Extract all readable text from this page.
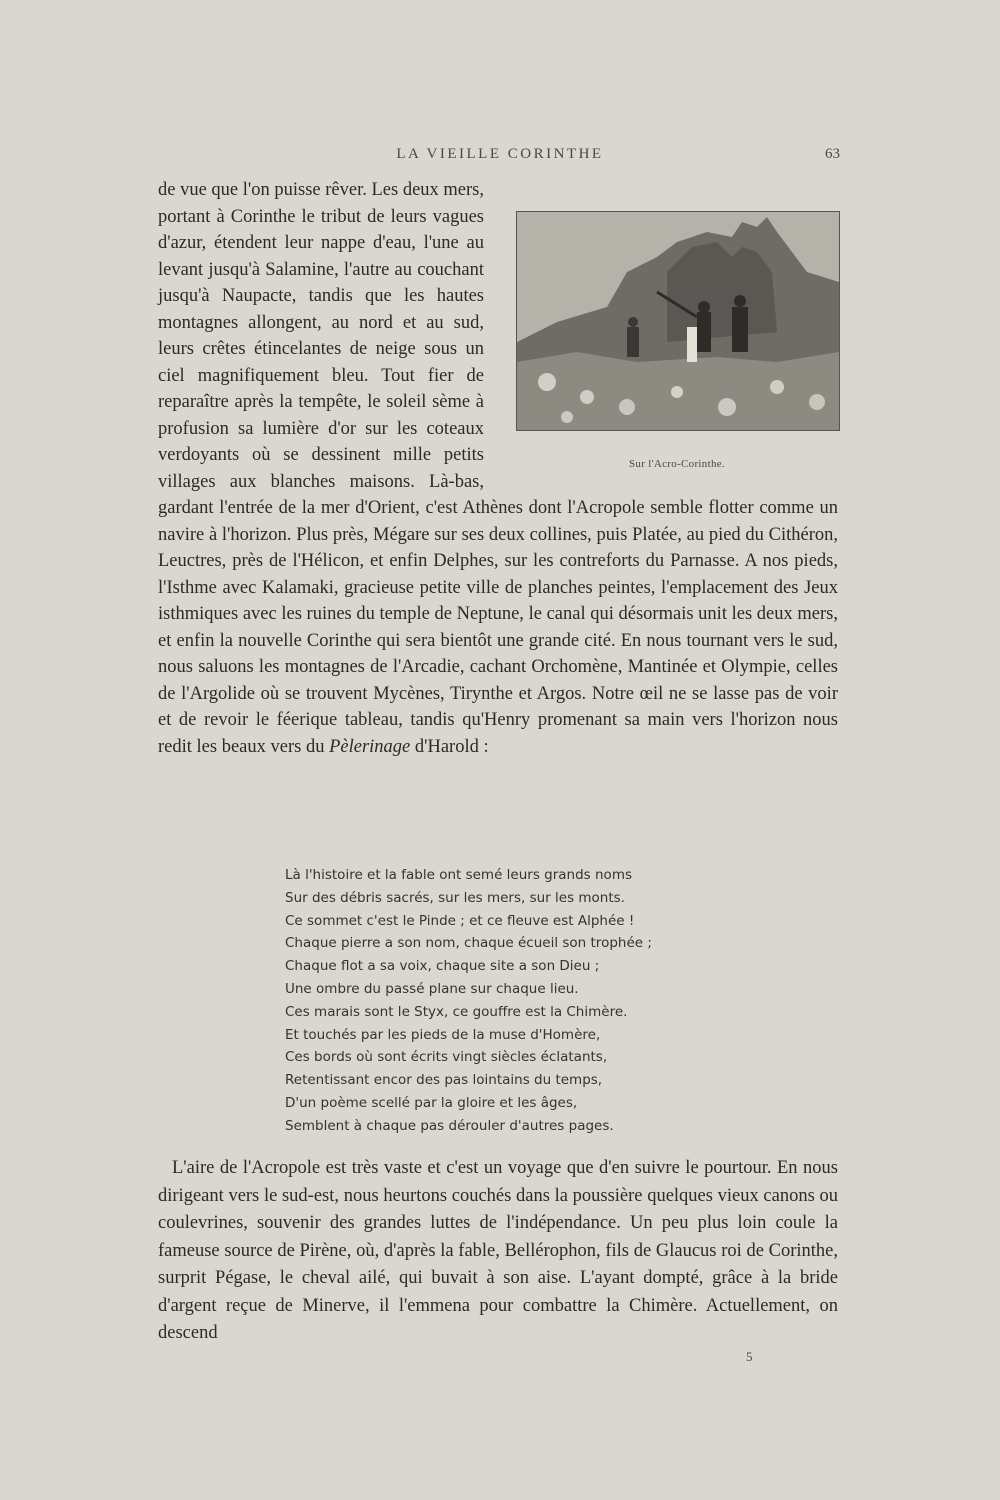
LA VIEILLE CORINTHE	63
Sur l'Acro-Corinthe.

de vue que l'on puisse rêver. Les deux mers, portant à Corinthe le tribut de leurs vagues d'azur, étendent leur nappe d'eau, l'une au levant jusqu'à Salamine, l'autre au couchant jusqu'à Naupacte, tandis que les hautes montagnes allongent, au nord et au sud, leurs crêtes étincelantes de neige sous un ciel magnifiquement bleu. Tout fier de reparaître après la tempête, le soleil sème à profusion sa lumière d'or sur les coteaux verdoyants où se dessinent mille petits villages aux blanches maisons. Là-bas, gardant l'entrée de la mer d'Orient, c'est Athènes dont l'Acropole semble flotter comme un navire à l'horizon. Plus près, Mégare sur ses deux collines, puis Platée, au pied du Cithéron, Leuctres, près de l'Hélicon, et enfin Delphes, sur les contreforts du Parnasse. A nos pieds, l'Isthme avec Kalamaki, gracieuse petite ville de planches peintes, l'emplacement des Jeux isthmiques avec les ruines du temple de Neptune, le canal qui désormais unit les deux mers, et enfin la nouvelle Corinthe qui sera bientôt une grande cité. En nous tournant vers le sud, nous saluons les montagnes de l'Arcadie, cachant Orchomène, Mantinée et Olympie, celles de l'Argolide où se trouvent Mycènes, Tirynthe et Argos. Notre œil ne se lasse pas de voir et de revoir le féerique tableau, tandis qu'Henry promenant sa main vers l'horizon nous redit les beaux vers du Pèlerinage d'Harold :

Là l'histoire et la fable ont semé leurs grands noms
Sur des débris sacrés, sur les mers, sur les monts.
Ce sommet c'est le Pinde ; et ce fleuve est Alphée !
Chaque pierre a son nom, chaque écueil son trophée ;
Chaque flot a sa voix, chaque site a son Dieu ;
Une ombre du passé plane sur chaque lieu.
Ces marais sont le Styx, ce gouffre est la Chimère.
Et touchés par les pieds de la muse d'Homère,
Ces bords où sont écrits vingt siècles éclatants,
Retentissant encor des pas lointains du temps,
D'un poème scellé par la gloire et les âges,
Semblent à chaque pas dérouler d'autres pages.

L'aire de l'Acropole est très vaste et c'est un voyage que d'en suivre le pourtour. En nous dirigeant vers le sud-est, nous heurtons couchés dans la poussière quelques vieux canons ou coulevrines, souvenir des grandes luttes de l'indépendance. Un peu plus loin coule la fameuse source de Pirène, où, d'après la fable, Bellérophon, fils de Glaucus roi de Corinthe, surprit Pégase, le cheval ailé, qui buvait à son aise. L'ayant dompté, grâce à la bride d'argent reçue de Minerve, il l'emmena pour combattre la Chimère. Actuellement, on descend

5
